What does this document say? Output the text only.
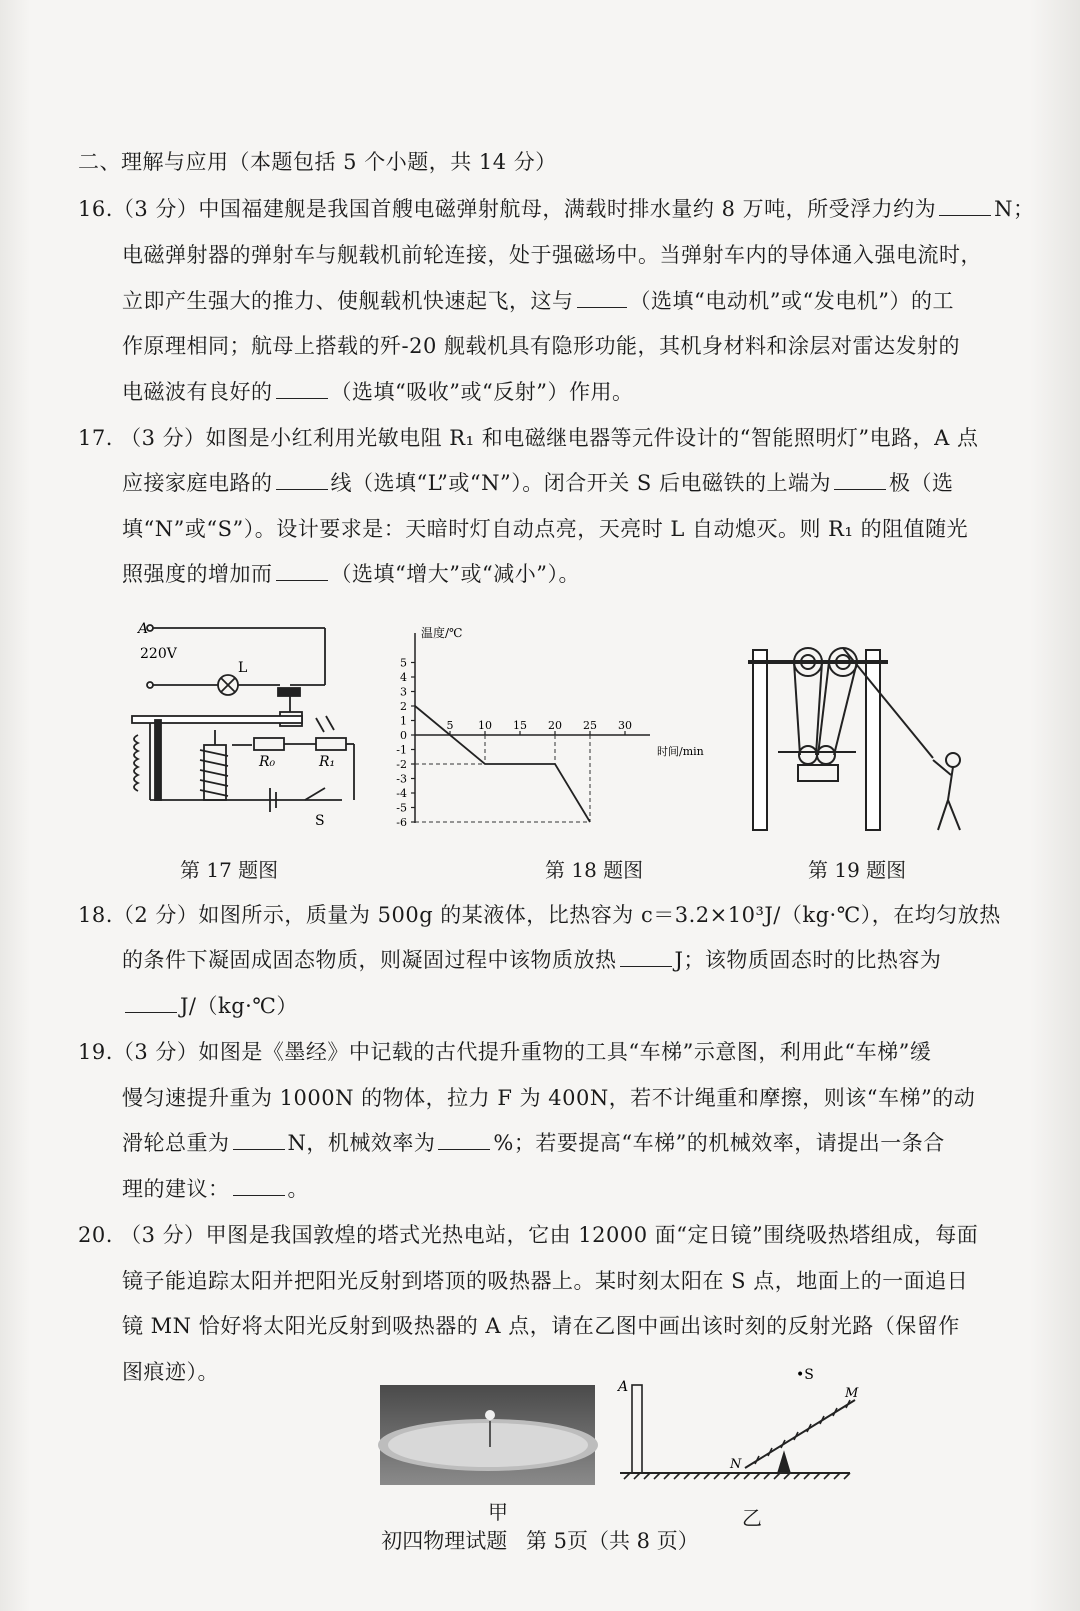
二、理解与应用（本题包括 5 个小题，共 14 分）
16.（3 分）中国福建舰是我国首艘电磁弹射航母，满载时排水量约 8 万吨，所受浮力约为	N；
电磁弹射器的弹射车与舰载机前轮连接，处于强磁场中。当弹射车内的导体通入强电流时，
立即产生强大的推力、使舰载机快速起飞，这与	（选填“电动机”或“发电机”）的工
作原理相同；航母上搭载的歼-20 舰载机具有隐形功能，其机身材料和涂层对雷达发射的
电磁波有良好的	（选填“吸收”或“反射”）作用。
17. （3 分）如图是小红利用光敏电阻 R₁ 和电磁继电器等元件设计的“智能照明灯”电路，A 点
应接家庭电路的	线（选填“L”或“N”）。闭合开关 S 后电磁铁的上端为	极（选
填“N”或“S”）。设计要求是：天暗时灯自动点亮，天亮时 L 自动熄灭。则 R₁ 的阻值随光
照强度的增加而	（选填“增大”或“减小”）。
A
220V
L
R₀	R₁
S
第 17 题图
温度/℃
时间/min
5
4
3
2
1
0
-1
-2
-3
-4
-5
-6
5 10 15 20 25 30
第 18 题图	第 19 题图
18.（2 分）如图所示，质量为 500g 的某液体，比热容为 c＝3.2×10³J/（kg·℃），在均匀放热
的条件下凝固成固态物质，则凝固过程中该物质放热	J；该物质固态时的比热容为
J/（kg·℃）
19.（3 分）如图是《墨经》中记载的古代提升重物的工具“车梯”示意图，利用此“车梯”缓
慢匀速提升重为 1000N 的物体，拉力 F 为 400N，若不计绳重和摩擦，则该“车梯”的动
滑轮总重为	N，机械效率为	%；若要提高“车梯”的机械效率，请提出一条合
理的建议：	。
20. （3 分）甲图是我国敦煌的塔式光热电站，它由 12000 面“定日镜”围绕吸热塔组成，每面
镜子能追踪太阳并把阳光反射到塔顶的吸热器上。某时刻太阳在 S 点，地面上的一面追日
镜 MN 恰好将太阳光反射到吸热器的 A 点，请在乙图中画出该时刻的反射光路（保留作
图痕迹）。
甲
A
•S
M
N
乙
初四物理试题 第 5页（共 8 页）
